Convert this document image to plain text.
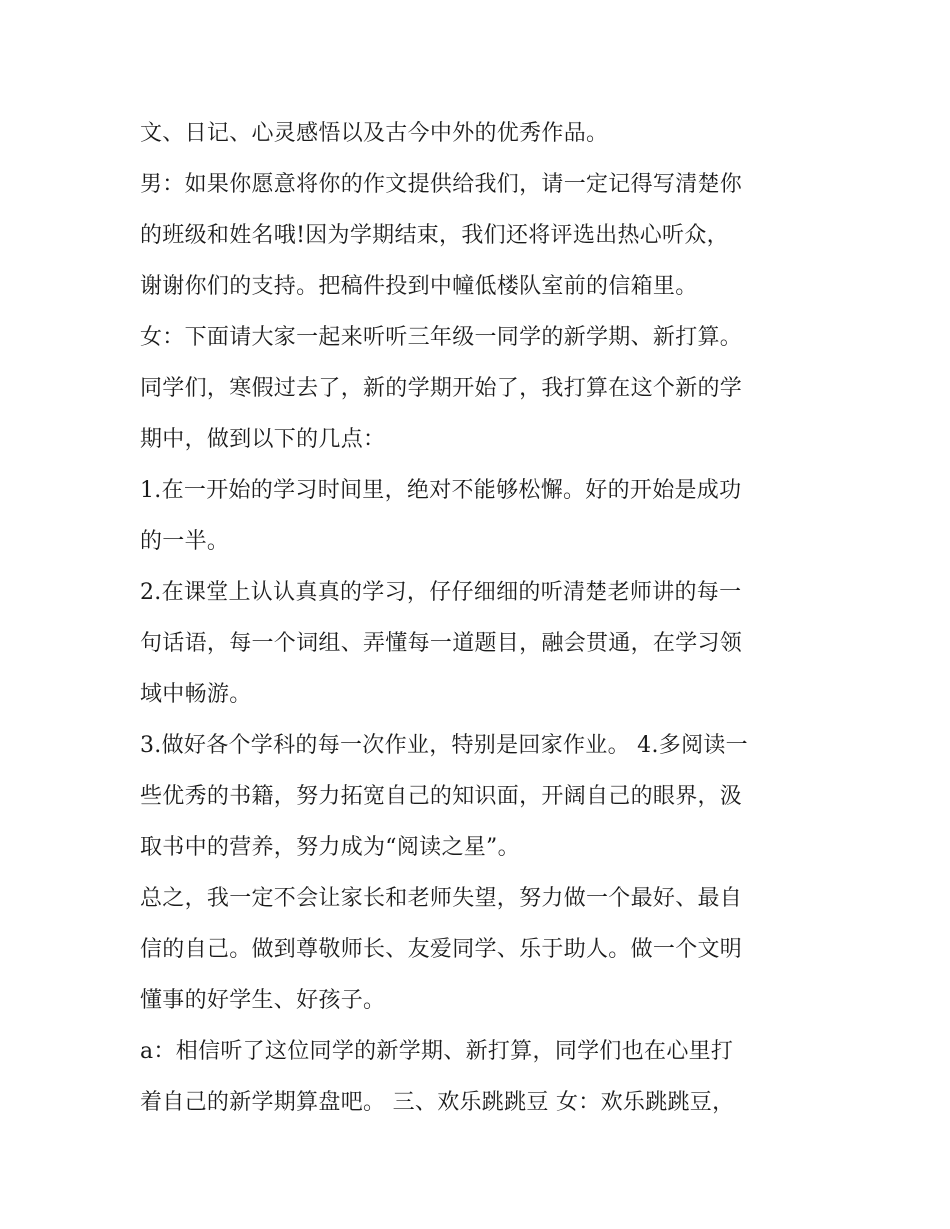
文、日记、心灵感悟以及古今中外的优秀作品。
男：如果你愿意将你的作文提供给我们，请一定记得写清楚你
的班级和姓名哦!因为学期结束，我们还将评选出热心听众，
谢谢你们的支持。把稿件投到中幢低楼队室前的信箱里。
女：下面请大家一起来听听三年级一同学的新学期、新打算。
同学们，寒假过去了，新的学期开始了，我打算在这个新的学
期中，做到以下的几点：
1.在一开始的学习时间里，绝对不能够松懈。好的开始是成功
的一半。
2.在课堂上认认真真的学习，仔仔细细的听清楚老师讲的每一
句话语，每一个词组、弄懂每一道题目，融会贯通，在学习领
域中畅游。
3.做好各个学科的每一次作业，特别是回家作业。 4.多阅读一
些优秀的书籍，努力拓宽自己的知识面，开阔自己的眼界，汲
取书中的营养，努力成为“阅读之星”。
总之，我一定不会让家长和老师失望，努力做一个最好、最自
信的自己。做到尊敬师长、友爱同学、乐于助人。做一个文明
懂事的好学生、好孩子。
a：相信听了这位同学的新学期、新打算，同学们也在心里打
着自己的新学期算盘吧。 三、欢乐跳跳豆 女：欢乐跳跳豆，
